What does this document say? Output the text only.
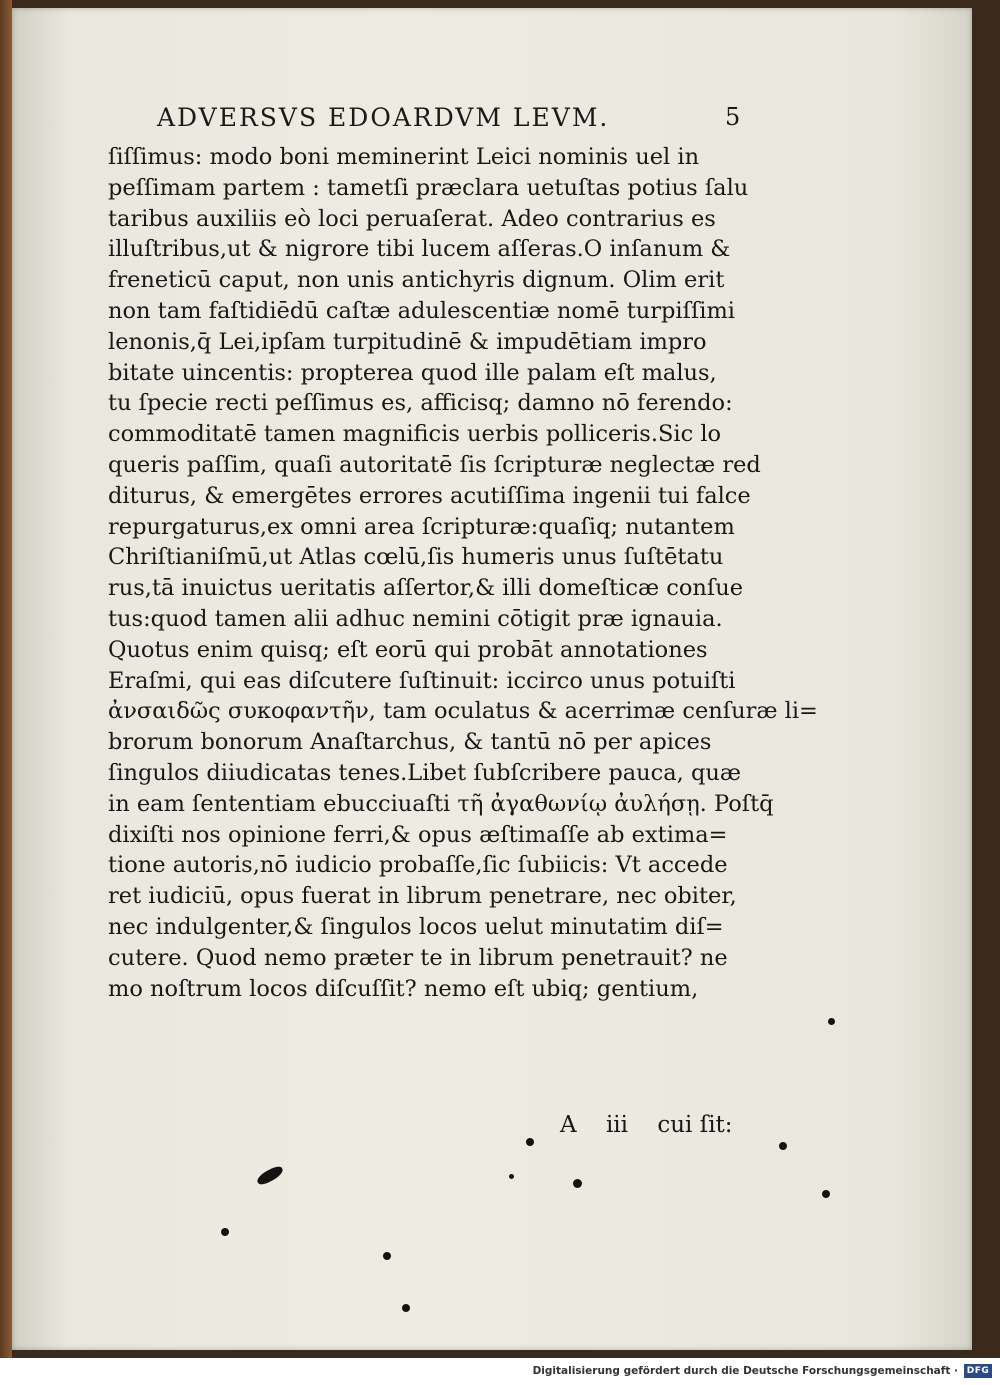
ADVERSVS EDOARDVM LEVM.	5
ſiſſimus: modo boni meminerint Leici nominis uel in
peſſimam partem : tametſi præclara uetuſtas potius ſalu
taribus auxiliis eò loci peruaſerat. Adeo contrarius es
illuſtribus,ut & nigrore tibi lucem aſſeras.O inſanum &
freneticū caput, non unis antichyris dignum. Olim erit
non tam faſtidiēdū caſtæ adulescentiæ nomē turpiſſimi
lenonis,q̄ Lei,ipſam turpitudinē & impudētiam impro
bitate uincentis: propterea quod ille palam eſt malus,
tu ſpecie recti peſſimus es, afficisq; damno nō ferendo:
commoditatē tamen magnificis uerbis polliceris.Sic lo
queris paſſim, quaſi autoritatē ſis ſcripturæ neglectæ red
diturus, & emergētes errores acutiſſima ingenii tui falce
repurgaturus,ex omni area ſcripturæ:quaſiq; nutantem
Chriſtianiſmū,ut Atlas cœlū,ſis humeris unus ſuſtētatu
rus,tā inuictus ueritatis aſſertor,& illi domeſticæ conſue
tus:quod tamen alii adhuc nemini cōtigit præ ignauia.
Quotus enim quisq; eſt eorū qui probāt annotationes
Eraſmi, qui eas diſcutere ſuſtinuit: iccirco unus potuiſti
ἀνσαιδῶς συκοφαντῆν, tam oculatus & acerrimæ cenſuræ li=
brorum bonorum Anaſtarchus, & tantū nō per apices
ſingulos diiudicatas tenes.Libet ſubſcribere pauca, quæ
in eam ſententiam ebucciuaſti τῆ ἀγαθωνίῳ ἀυλήσῃ. Poſtq̄
dixiſti nos opinione ferri,& opus æſtimaſſe ab extima=
tione autoris,nō iudicio probaſſe,ſic ſubiicis: Vt accede
ret iudiciū, opus fuerat in librum penetrare, nec obiter,
nec indulgenter,& ſingulos locos uelut minutatim diſ=
cutere. Quod nemo præter te in librum penetrauit? ne
mo noſtrum locos diſcuſſit? nemo eſt ubiq; gentium,
A iii cui ſit:
Digitalisierung gefördert durch die Deutsche Forschungsgemeinschaft · DFG
